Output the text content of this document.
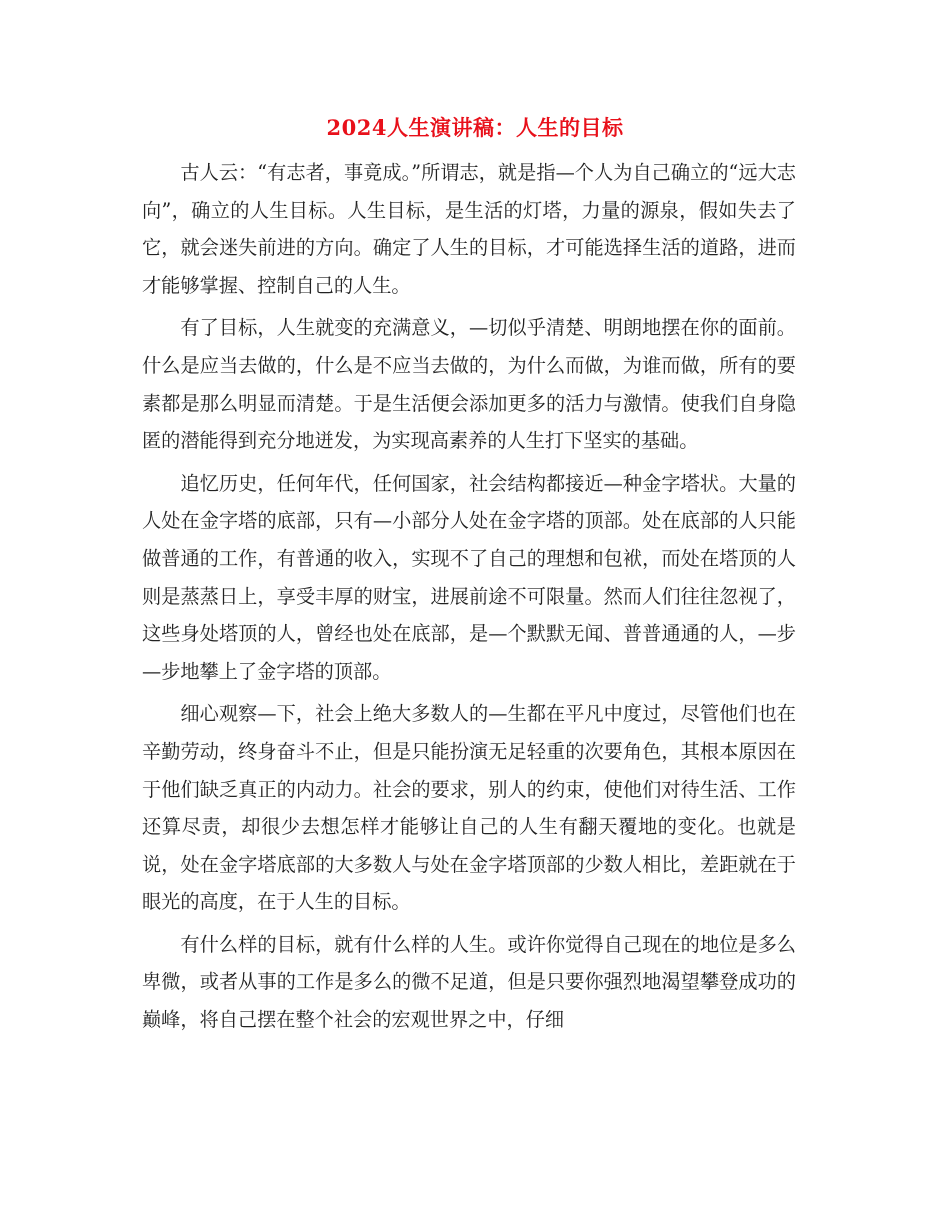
2024人生演讲稿：人生的目标

古人云：“有志者，事竟成。”所谓志，就是指—个人为自己确立的“远大志向”，确立的人生目标。人生目标，是生活的灯塔，力量的源泉，假如失去了它，就会迷失前进的方向。确定了人生的目标，才可能选择生活的道路，进而才能够掌握、控制自己的人生。

有了目标，人生就变的充满意义，—切似乎清楚、明朗地摆在你的面前。什么是应当去做的，什么是不应当去做的，为什么而做，为谁而做，所有的要素都是那么明显而清楚。于是生活便会添加更多的活力与激情。使我们自身隐匿的潜能得到充分地迸发，为实现高素养的人生打下坚实的基础。

追忆历史，任何年代，任何国家，社会结构都接近—种金字塔状。大量的人处在金字塔的底部，只有—小部分人处在金字塔的顶部。处在底部的人只能做普通的工作，有普通的收入，实现不了自己的理想和包袱，而处在塔顶的人则是蒸蒸日上，享受丰厚的财宝，进展前途不可限量。然而人们往往忽视了，这些身处塔顶的人，曾经也处在底部，是—个默默无闻、普普通通的人，—步—步地攀上了金字塔的顶部。

细心观察—下，社会上绝大多数人的—生都在平凡中度过，尽管他们也在辛勤劳动，终身奋斗不止，但是只能扮演无足轻重的次要角色，其根本原因在于他们缺乏真正的内动力。社会的要求，别人的约束，使他们对待生活、工作还算尽责，却很少去想怎样才能够让自己的人生有翻天覆地的变化。也就是说，处在金字塔底部的大多数人与处在金字塔顶部的少数人相比，差距就在于眼光的高度，在于人生的目标。

有什么样的目标，就有什么样的人生。或许你觉得自己现在的地位是多么卑微，或者从事的工作是多么的微不足道，但是只要你强烈地渴望攀登成功的巅峰，将自己摆在整个社会的宏观世界之中，仔细
